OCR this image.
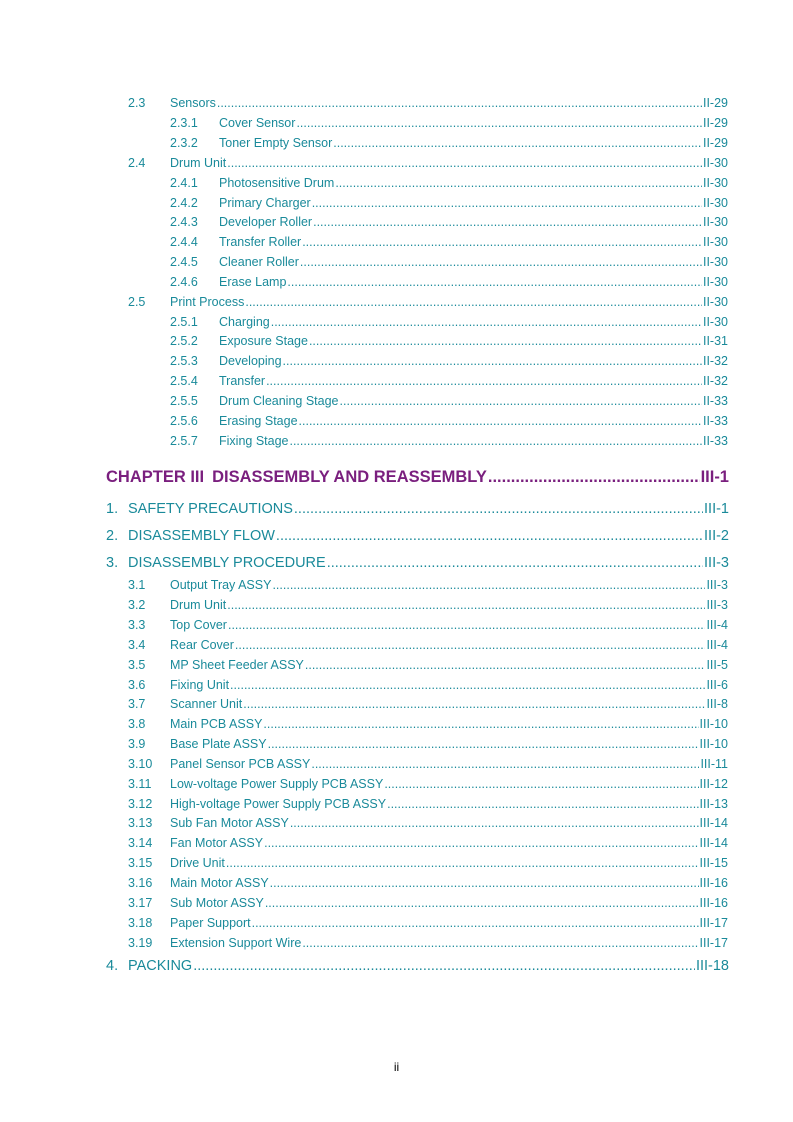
2.3	Sensors .....	II-29
2.3.1	Cover Sensor .....	II-29
2.3.2	Toner Empty Sensor .....	II-29
2.4	Drum Unit .....	II-30
2.4.1	Photosensitive Drum .....	II-30
2.4.2	Primary Charger .....	II-30
2.4.3	Developer Roller .....	II-30
2.4.4	Transfer Roller .....	II-30
2.4.5	Cleaner Roller .....	II-30
2.4.6	Erase Lamp .....	II-30
2.5	Print Process .....	II-30
2.5.1	Charging .....	II-30
2.5.2	Exposure Stage .....	II-31
2.5.3	Developing .....	II-32
2.5.4	Transfer .....	II-32
2.5.5	Drum Cleaning Stage .....	II-33
2.5.6	Erasing Stage .....	II-33
2.5.7	Fixing Stage .....	II-33
CHAPTER III DISASSEMBLY AND REASSEMBLY .....	III-1
1. SAFETY PRECAUTIONS .....	III-1
2. DISASSEMBLY FLOW .....	III-2
3. DISASSEMBLY PROCEDURE .....	III-3
3.1	Output Tray ASSY .....	III-3
3.2	Drum Unit .....	III-3
3.3	Top Cover .....	III-4
3.4	Rear Cover .....	III-4
3.5	MP Sheet Feeder ASSY .....	III-5
3.6	Fixing Unit .....	III-6
3.7	Scanner Unit .....	III-8
3.8	Main PCB ASSY .....	III-10
3.9	Base Plate ASSY .....	III-10
3.10	Panel Sensor PCB ASSY .....	III-11
3.11	Low-voltage Power Supply PCB ASSY .....	III-12
3.12	High-voltage Power Supply PCB ASSY .....	III-13
3.13	Sub Fan Motor ASSY .....	III-14
3.14	Fan Motor ASSY .....	III-14
3.15	Drive Unit .....	III-15
3.16	Main Motor ASSY .....	III-16
3.17	Sub Motor ASSY .....	III-16
3.18	Paper Support .....	III-17
3.19	Extension Support Wire .....	III-17
4. PACKING .....	III-18
ii
